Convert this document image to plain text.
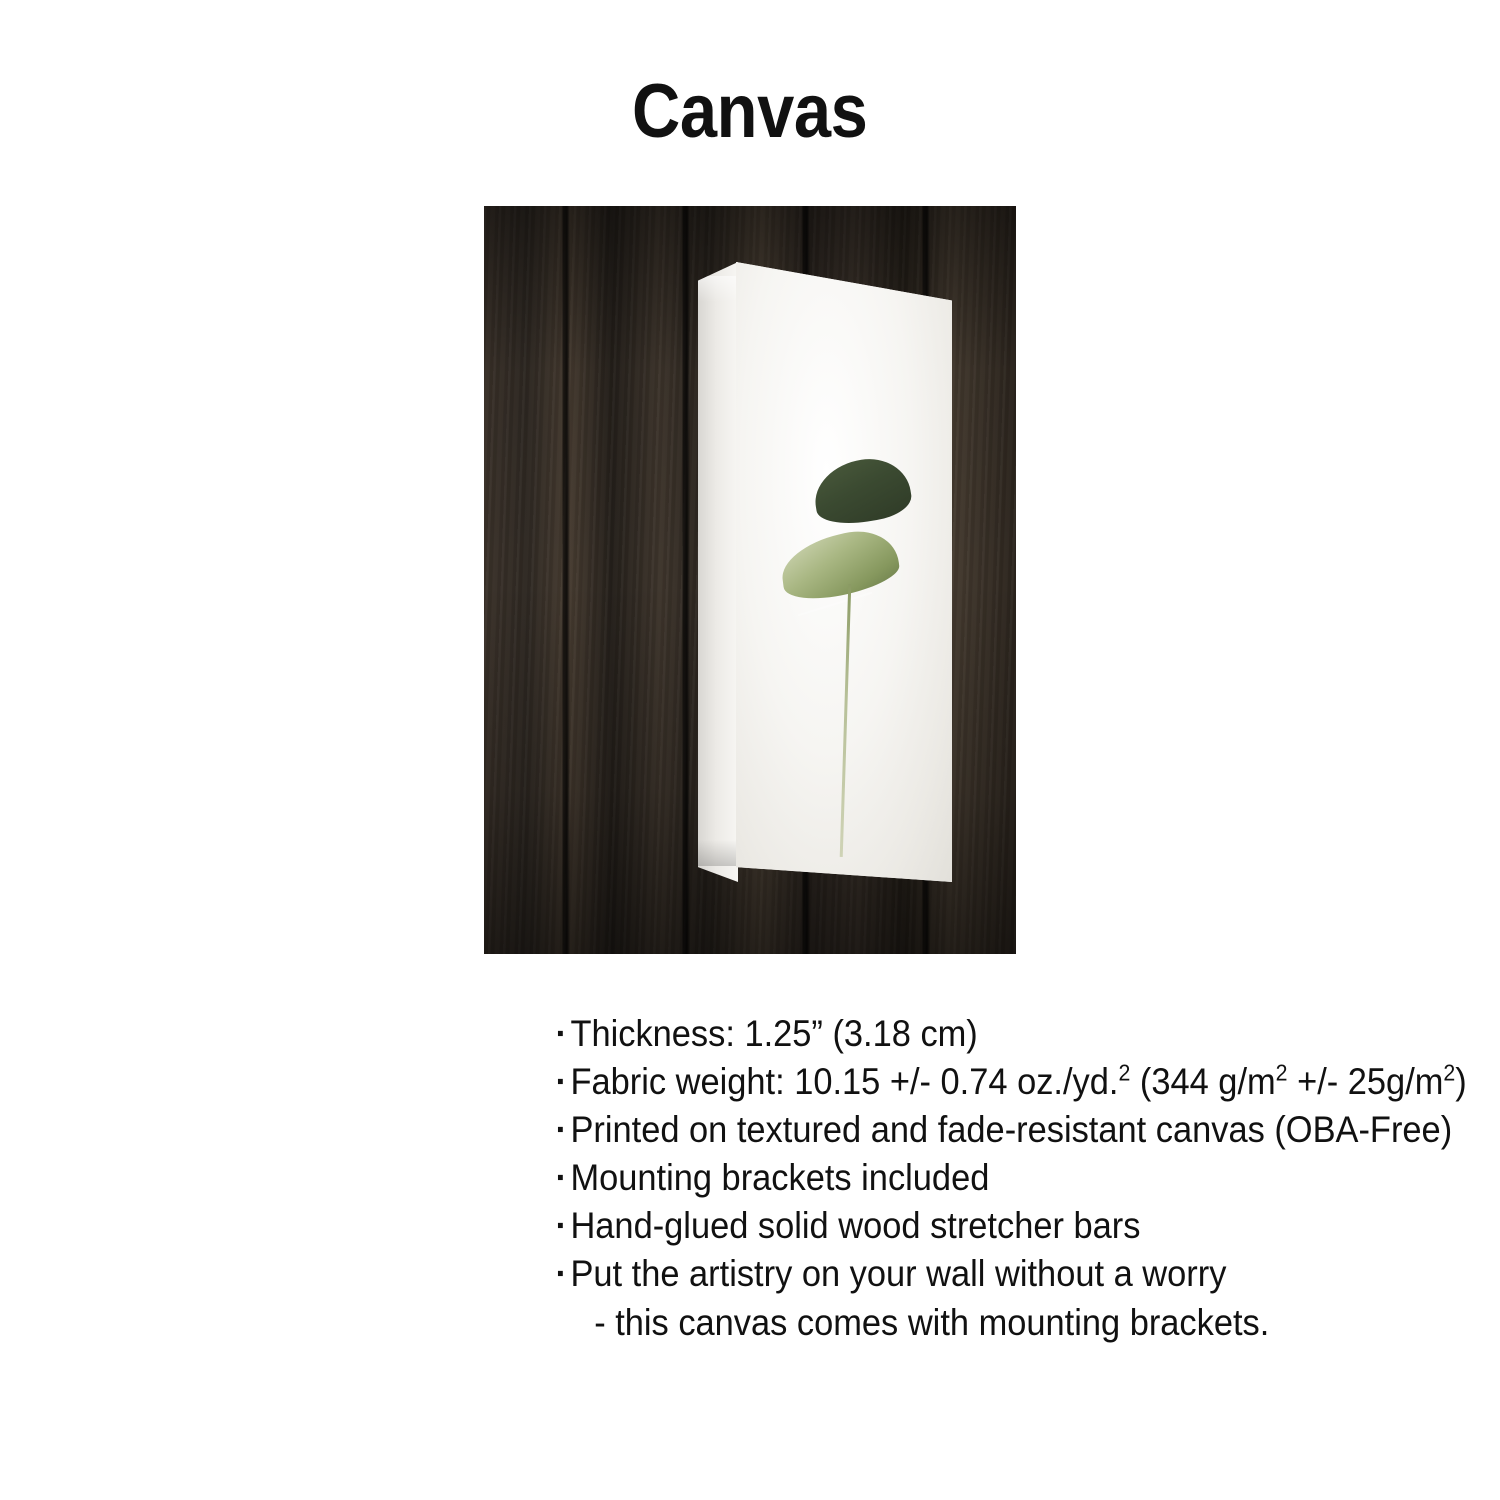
Canvas
▪ Thickness: 1.25” (3.18 cm)
▪ Fabric weight: 10.15 +/- 0.74 oz./yd.$^2$ (344 $g/m^2$ +/- $25g/m^2$)
▪ Printed on textured and fade-resistant canvas (OBA-Free)
▪ Mounting brackets included
▪ Hand-glued solid wood stretcher bars
▪ Put the artistry on your wall without a worry
- this canvas comes with mounting brackets.
